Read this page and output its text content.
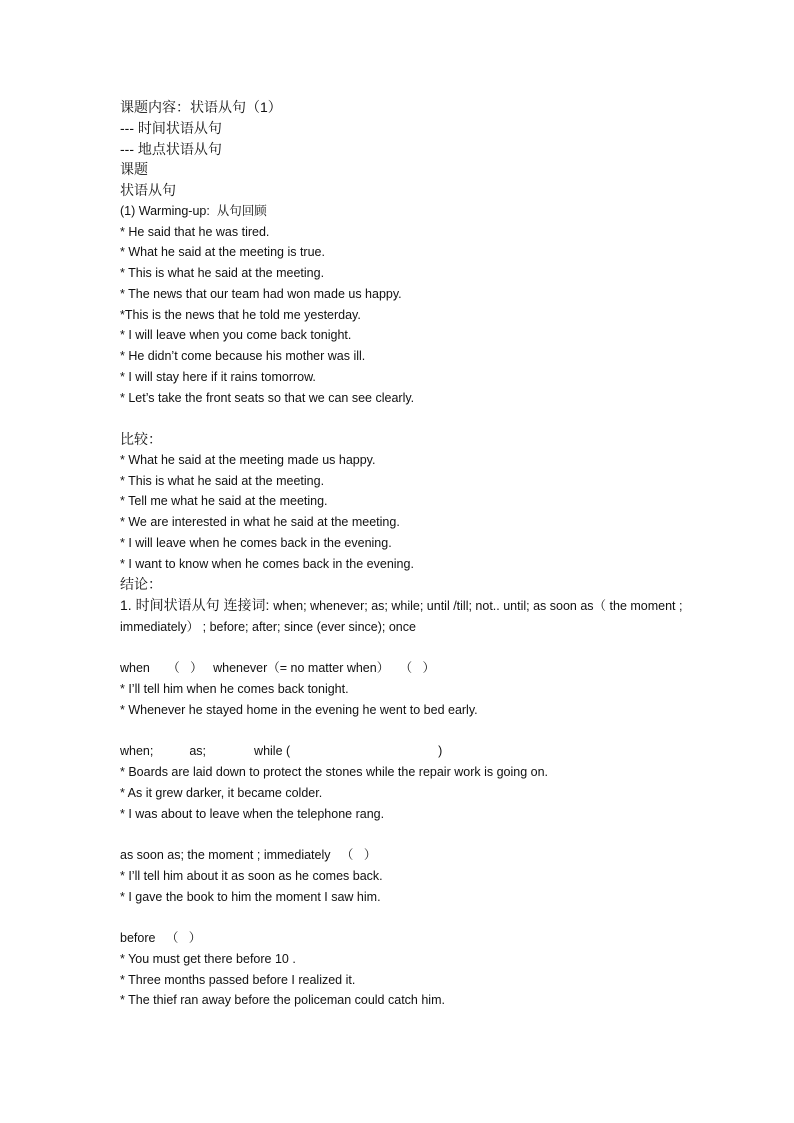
课题内容：状语从句（1）
--- 时间状语从句
--- 地点状语从句
课题
状语从句
(1) Warming-up:  从句回顾
* He said that he was tired.
* What he said at the meeting is true.
* This is what he said at the meeting.
* The news that our team had won made us happy.
*This is the news that he told me yesterday.
* I will leave when you come back tonight.
* He didn’t come because his mother was ill.
* I will stay here if it rains tomorrow.
* Let’s take the front seats so that we can see clearly.
比较：
* What he said at the meeting made us happy.
* This is what he said at the meeting.
* Tell me what he said at the meeting.
* We are interested in what he said at the meeting.
* I will leave when he comes back in the evening.
* I want to know when he comes back in the evening.
结论：
1. 时间状语从句 连接词: when; whenever; as; while; until /till; not.. until; as soon as（ the moment ; immediately） ; before; after; since (ever since); once
when     （   ）   whenever（= no matter when）   （   ）
* I’ll tell him when he comes back tonight.
* Whenever he stayed home in the evening he went to bed early.
when;	as;	while (	)
* Boards are laid down to protect the stones while the repair work is going on.
* As it grew darker, it became colder.
* I was about to leave when the telephone rang.
as soon as; the moment ; immediately   （   ）
* I’ll tell him about it as soon as he comes back.
* I gave the book to him the moment I saw him.
before   （   ）
* You must get there before 10 .
* Three months passed before I realized it.
* The thief ran away before the policeman could catch him.
